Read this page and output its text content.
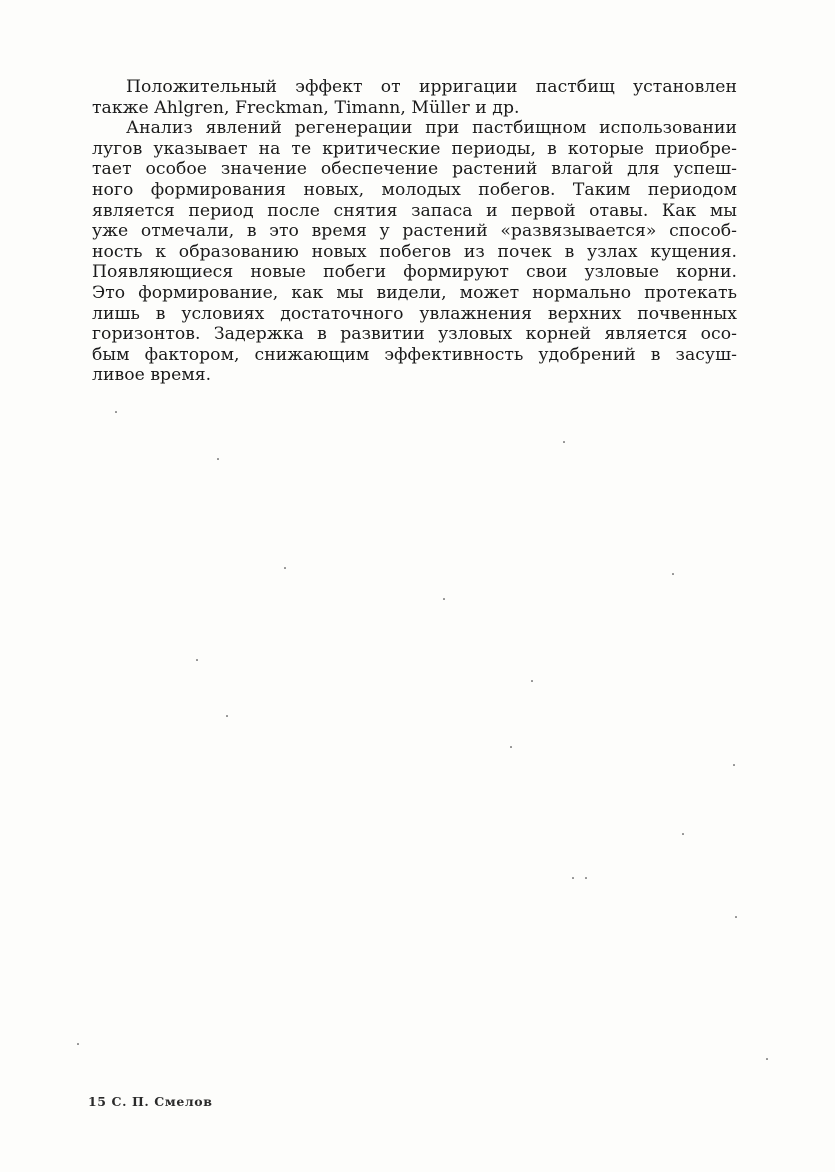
Положительный эффект от ирригации пастбищ установлен
также Ahlgren, Freckman, Timann, Müller и др.
Анализ явлений регенерации при пастбищном использовании
лугов указывает на те критические периоды, в которые приобре-
тает особое значение обеспечение растений влагой для успеш-
ного формирования новых, молодых побегов. Таким периодом
является период после снятия запаса и первой отавы. Как мы
уже отмечали, в это время у растений «развязывается» способ-
ность к образованию новых побегов из почек в узлах кущения.
Появляющиеся новые побеги формируют свои узловые корни.
Это формирование, как мы видели, может нормально протекать
лишь в условиях достаточного увлажнения верхних почвенных
горизонтов. Задержка в развитии узловых корней является осо-
бым фактором, снижающим эффективность удобрений в засуш-
ливое время.
15 С. П. Смелов
